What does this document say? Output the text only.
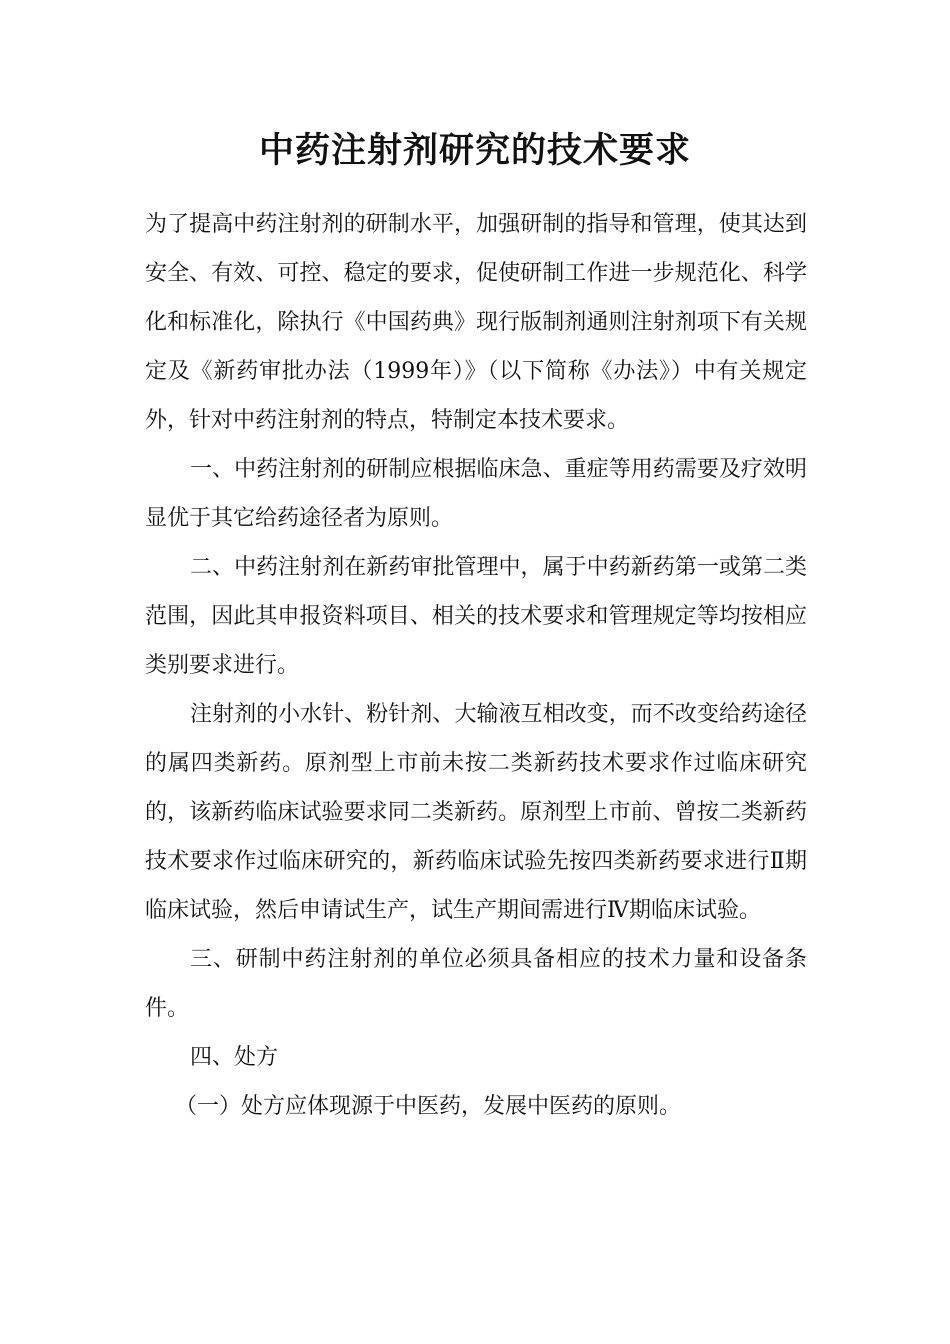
中药注射剂研究的技术要求

为了提高中药注射剂的研制水平，加强研制的指导和管理，使其达到安全、有效、可控、稳定的要求，促使研制工作进一步规范化、科学化和标准化，除执行《中国药典》现行版制剂通则注射剂项下有关规定及《新药审批办法（1999年）》（以下简称《办法》）中有关规定外，针对中药注射剂的特点，特制定本技术要求。

一、中药注射剂的研制应根据临床急、重症等用药需要及疗效明显优于其它给药途径者为原则。

二、中药注射剂在新药审批管理中，属于中药新药第一或第二类范围，因此其申报资料项目、相关的技术要求和管理规定等均按相应类别要求进行。

注射剂的小水针、粉针剂、大输液互相改变，而不改变给药途径的属四类新药。原剂型上市前未按二类新药技术要求作过临床研究的，该新药临床试验要求同二类新药。原剂型上市前、曾按二类新药技术要求作过临床研究的，新药临床试验先按四类新药要求进行Ⅱ期临床试验，然后申请试生产，试生产期间需进行Ⅳ期临床试验。

三、研制中药注射剂的单位必须具备相应的技术力量和设备条件。

四、处方

（一）处方应体现源于中医药，发展中医药的原则。
